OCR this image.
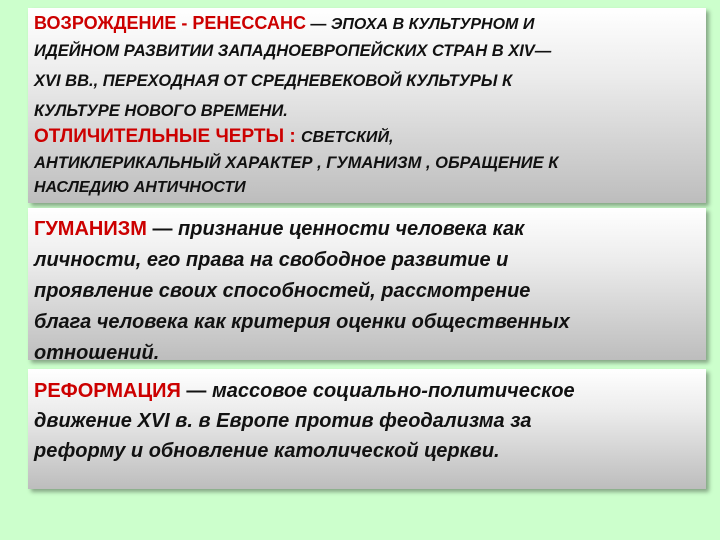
ВОЗРОЖДЕНИЕ - РЕНЕССАНС — ЭПОХА В КУЛЬТУРНОМ И
ИДЕЙНОМ РАЗВИТИИ ЗАПАДНОЕВРОПЕЙСКИХ СТРАН В XIV—
XVI ВВ., ПЕРЕХОДНАЯ ОТ СРЕДНЕВЕКОВОЙ КУЛЬТУРЫ К
КУЛЬТУРЕ НОВОГО ВРЕМЕНИ.
ОТЛИЧИТЕЛЬНЫЕ ЧЕРТЫ : СВЕТСКИЙ,
АНТИКЛЕРИКАЛЬНЫЙ ХАРАКТЕР , ГУМАНИЗМ , ОБРАЩЕНИЕ К
НАСЛЕДИЮ АНТИЧНОСТИ
ГУМАНИЗМ — признание ценности человека как
личности, его права на свободное развитие и
проявление своих способностей, рассмотрение
блага человека как критерия оценки общественных
отношений.
РЕФОРМАЦИЯ — массовое социально-политическое
движение XVI в. в Европе против феодализма за
реформу и обновление католической церкви.
